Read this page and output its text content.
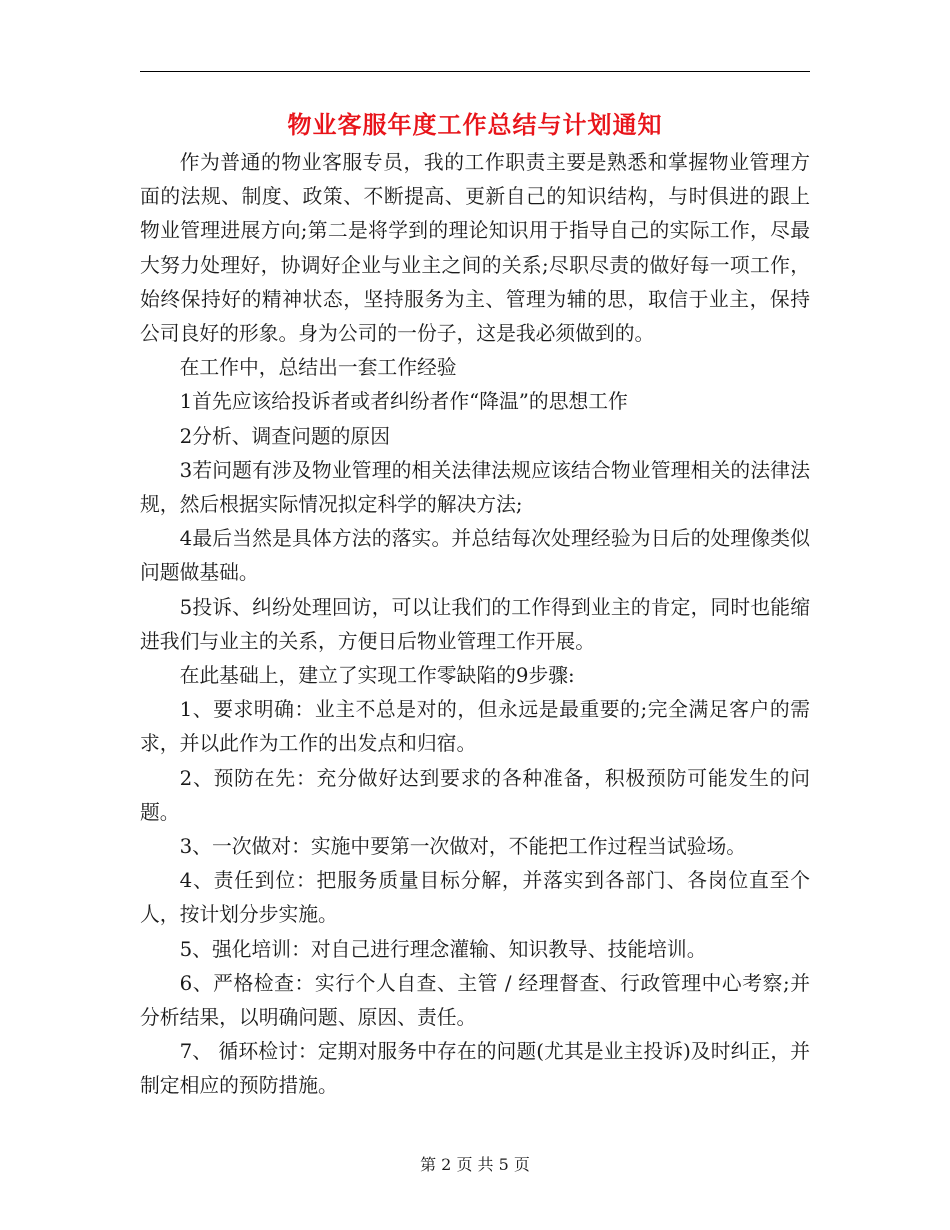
物业客服年度工作总结与计划通知

作为普通的物业客服专员，我的工作职责主要是熟悉和掌握物业管理方面的法规、制度、政策、不断提高、更新自己的知识结构，与时俱进的跟上物业管理进展方向;第二是将学到的理论知识用于指导自己的实际工作，尽最大努力处理好，协调好企业与业主之间的关系;尽职尽责的做好每一项工作，始终保持好的精神状态，坚持服务为主、管理为辅的思，取信于业主，保持公司良好的形象。身为公司的一份子，这是我必须做到的。

在工作中，总结出一套工作经验

1首先应该给投诉者或者纠纷者作“降温”的思想工作

2分析、调查问题的原因

3若问题有涉及物业管理的相关法律法规应该结合物业管理相关的法律法规，然后根据实际情况拟定科学的解决方法;

4最后当然是具体方法的落实。并总结每次处理经验为日后的处理像类似问题做基础。

5投诉、纠纷处理回访，可以让我们的工作得到业主的肯定，同时也能缩进我们与业主的关系，方便日后物业管理工作开展。

在此基础上，建立了实现工作零缺陷的9步骤:

1、要求明确：业主不总是对的，但永远是最重要的;完全满足客户的需求，并以此作为工作的出发点和归宿。

2、预防在先：充分做好达到要求的各种准备，积极预防可能发生的问题。

3、一次做对：实施中要第一次做对，不能把工作过程当试验场。

4、责任到位：把服务质量目标分解，并落实到各部门、各岗位直至个人，按计划分步实施。

5、强化培训：对自己进行理念灌输、知识教导、技能培训。

6、严格检查：实行个人自查、主管 / 经理督查、行政管理中心考察;并分析结果，以明确问题、原因、责任。

7、 循环检讨：定期对服务中存在的问题(尤其是业主投诉)及时纠正，并制定相应的预防措施。

第 2 页 共 5 页
